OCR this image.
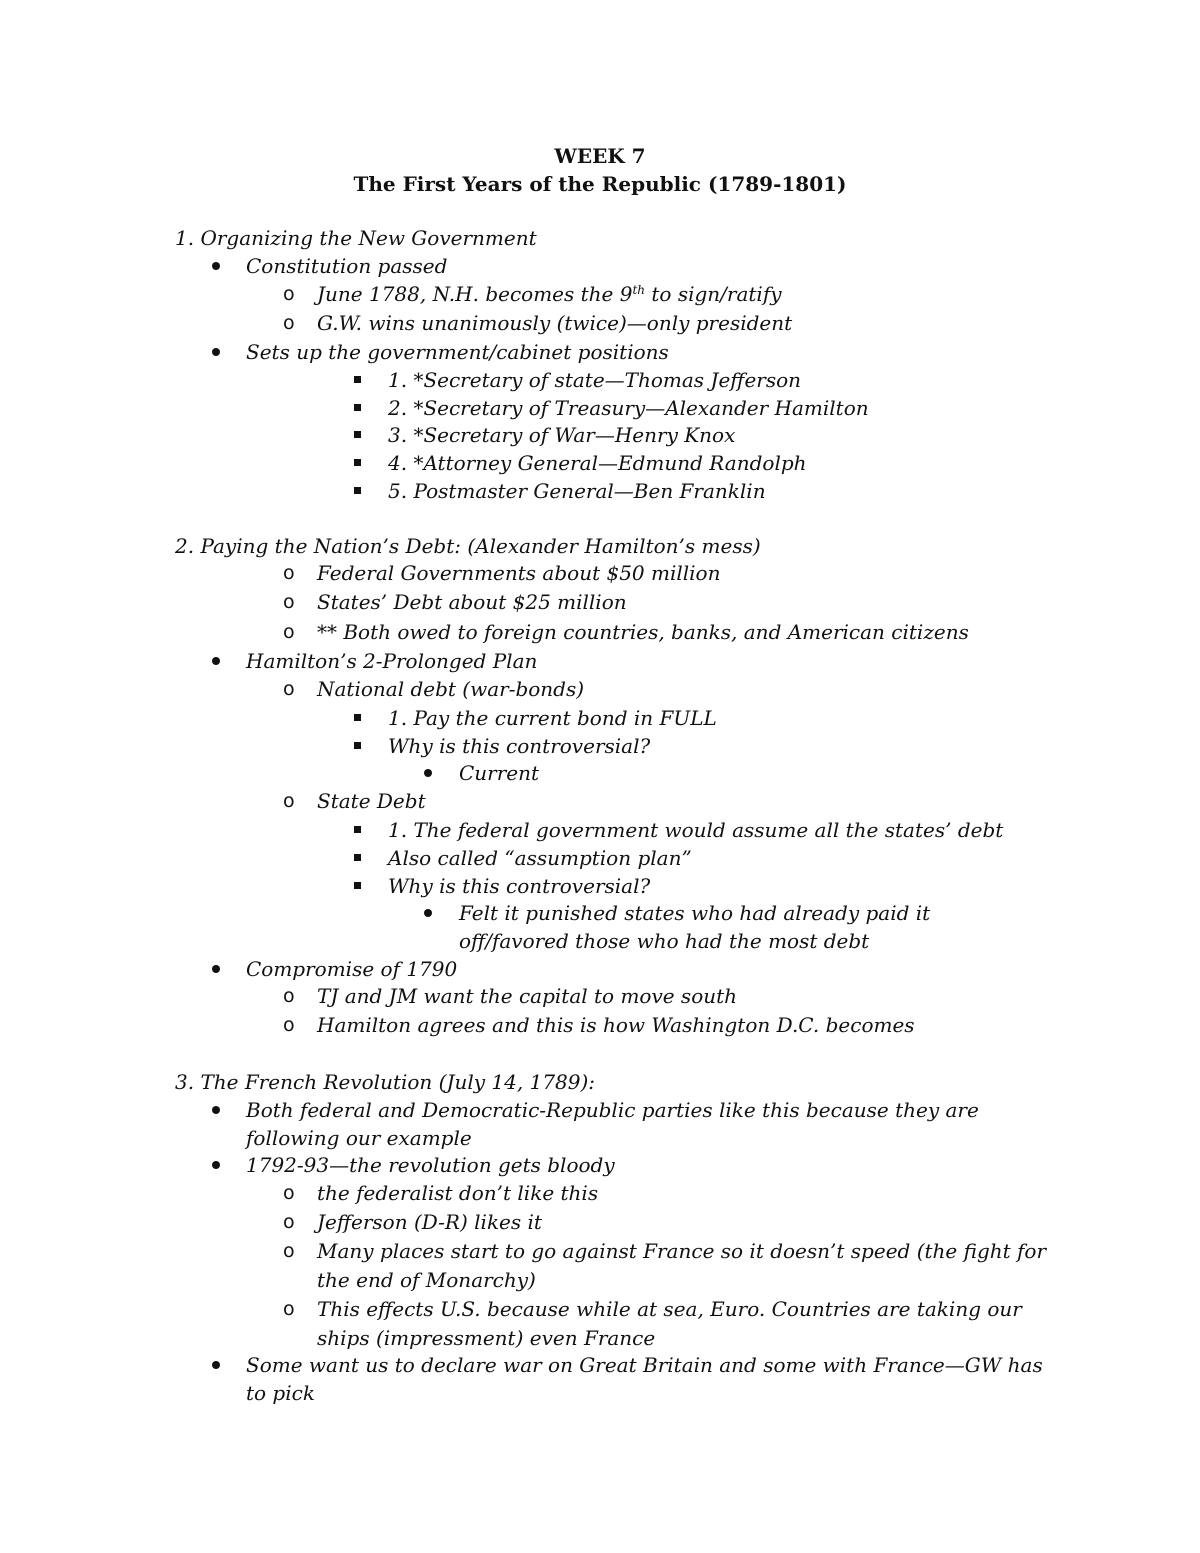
WEEK 7
The First Years of the Republic (1789-1801)
1. Organizing the New Government
Constitution passed
o June 1788, N.H. becomes the 9th to sign/ratify
o G.W. wins unanimously (twice)—only president
Sets up the government/cabinet positions
1. *Secretary of state—Thomas Jefferson
2. *Secretary of Treasury—Alexander Hamilton
3. *Secretary of War—Henry Knox
4. *Attorney General—Edmund Randolph
5. Postmaster General—Ben Franklin
2. Paying the Nation’s Debt: (Alexander Hamilton’s mess)
o Federal Governments about $50 million
o States’ Debt about $25 million
o ** Both owed to foreign countries, banks, and American citizens
Hamilton’s 2-Prolonged Plan
o National debt (war-bonds)
1. Pay the current bond in FULL
Why is this controversial?
Current
o State Debt
1. The federal government would assume all the states’ debt
Also called “assumption plan”
Why is this controversial?
Felt it punished states who had already paid it
off/favored those who had the most debt
Compromise of 1790
o TJ and JM want the capital to move south
o Hamilton agrees and this is how Washington D.C. becomes
3. The French Revolution (July 14, 1789):
Both federal and Democratic-Republic parties like this because they are
following our example
1792-93—the revolution gets bloody
o the federalist don’t like this
o Jefferson (D-R) likes it
o Many places start to go against France so it doesn’t speed (the fight for
the end of Monarchy)
o This effects U.S. because while at sea, Euro. Countries are taking our
ships (impressment) even France
Some want us to declare war on Great Britain and some with France—GW has
to pick
